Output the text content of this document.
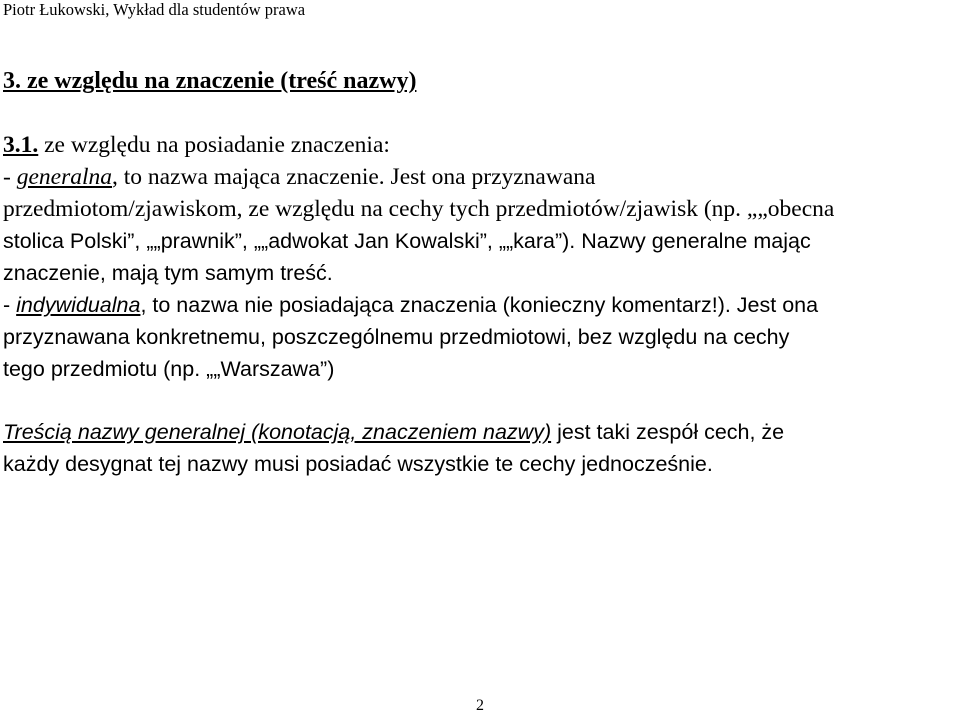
Piotr Łukowski, Wykład dla studentów prawa
3. ze względu na znaczenie (treść nazwy)
3.1. ze względu na posiadanie znaczenia:
- generalna, to nazwa mająca znaczenie. Jest ona przyznawana
przedmiotom/zjawiskom, ze względu na cechy tych przedmiotów/zjawisk (np. „„obecna
stolica Polski”, „„prawnik”, „„adwokat Jan Kowalski”, „„kara”). Nazwy generalne mając
znaczenie, mają tym samym treść.
- indywidualna, to nazwa nie posiadająca znaczenia (konieczny komentarz!). Jest ona
przyznawana konkretnemu, poszczególnemu przedmiotowi, bez względu na cechy
tego przedmiotu (np. „„Warszawa”)
Treścią nazwy generalnej (konotacją, znaczeniem nazwy) jest taki zespół cech, że
każdy desygnat tej nazwy musi posiadać wszystkie te cechy jednocześnie.
2
